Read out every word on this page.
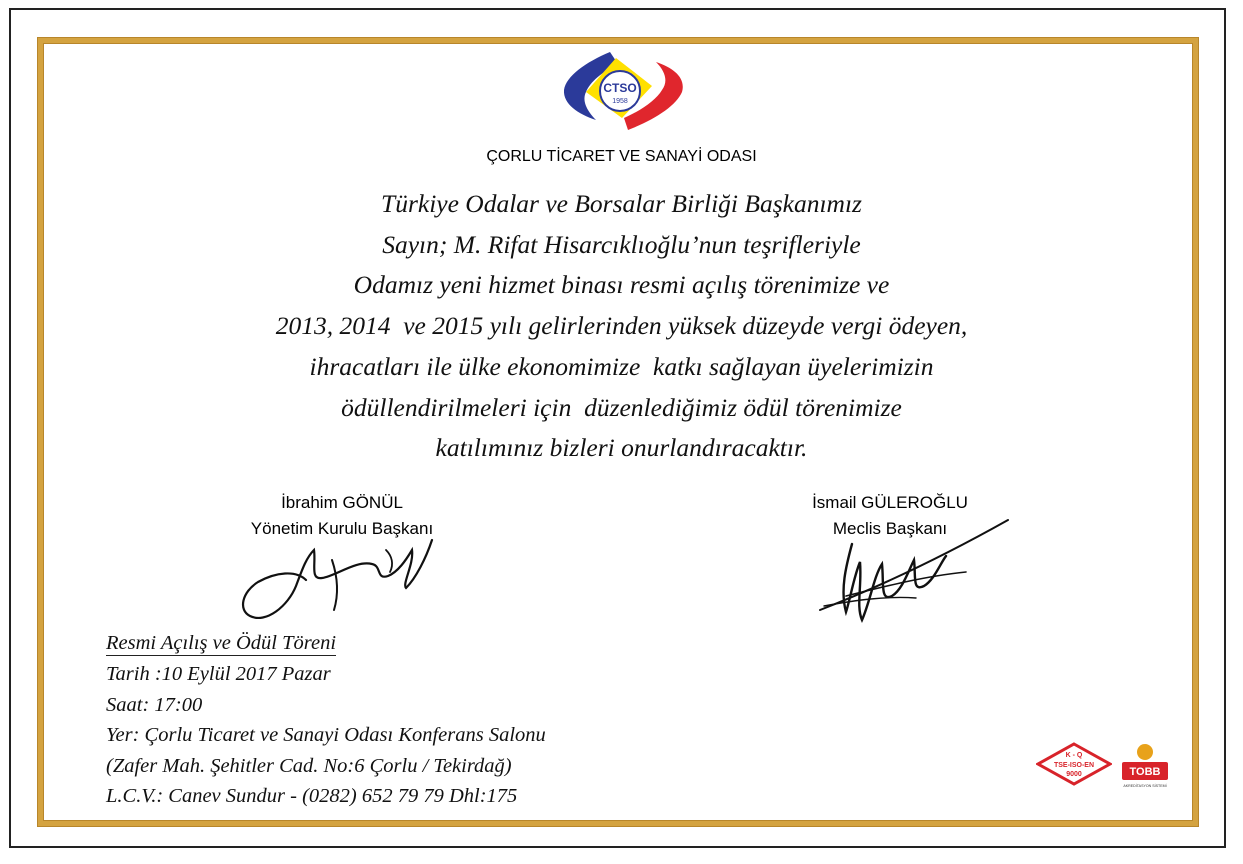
CTSO
1958
ÇORLU TİCARET VE SANAYİ ODASI
Türkiye Odalar ve Borsalar Birliği Başkanımız
Sayın; M. Rifat Hisarcıklıoğlu’nun teşrifleriyle
Odamız yeni hizmet binası resmi açılış törenimize ve
2013, 2014  ve 2015 yılı gelirlerinden yüksek düzeyde vergi ödeyen,
ihracatları ile ülke ekonomimize  katkı sağlayan üyelerimizin
ödüllendirilmeleri için  düzenlediğimiz ödül törenimize
katılımınız bizleri onurlandıracaktır.
İbrahim GÖNÜL
Yönetim Kurulu Başkanı
İsmail GÜLEROĞLU
Meclis Başkanı
Resmi Açılış ve Ödül Töreni
Tarih :10 Eylül 2017 Pazar
Saat: 17:00
Yer: Çorlu Ticaret ve Sanayi Odası Konferans Salonu
(Zafer Mah. Şehitler Cad. No:6 Çorlu / Tekirdağ)
L.C.V.: Canev Sundur - (0282) 652 79 79 Dhl:175
K - Q
TSE-ISO-EN
9000	TOBB
AKREDİTASYON SİSTEMİ
